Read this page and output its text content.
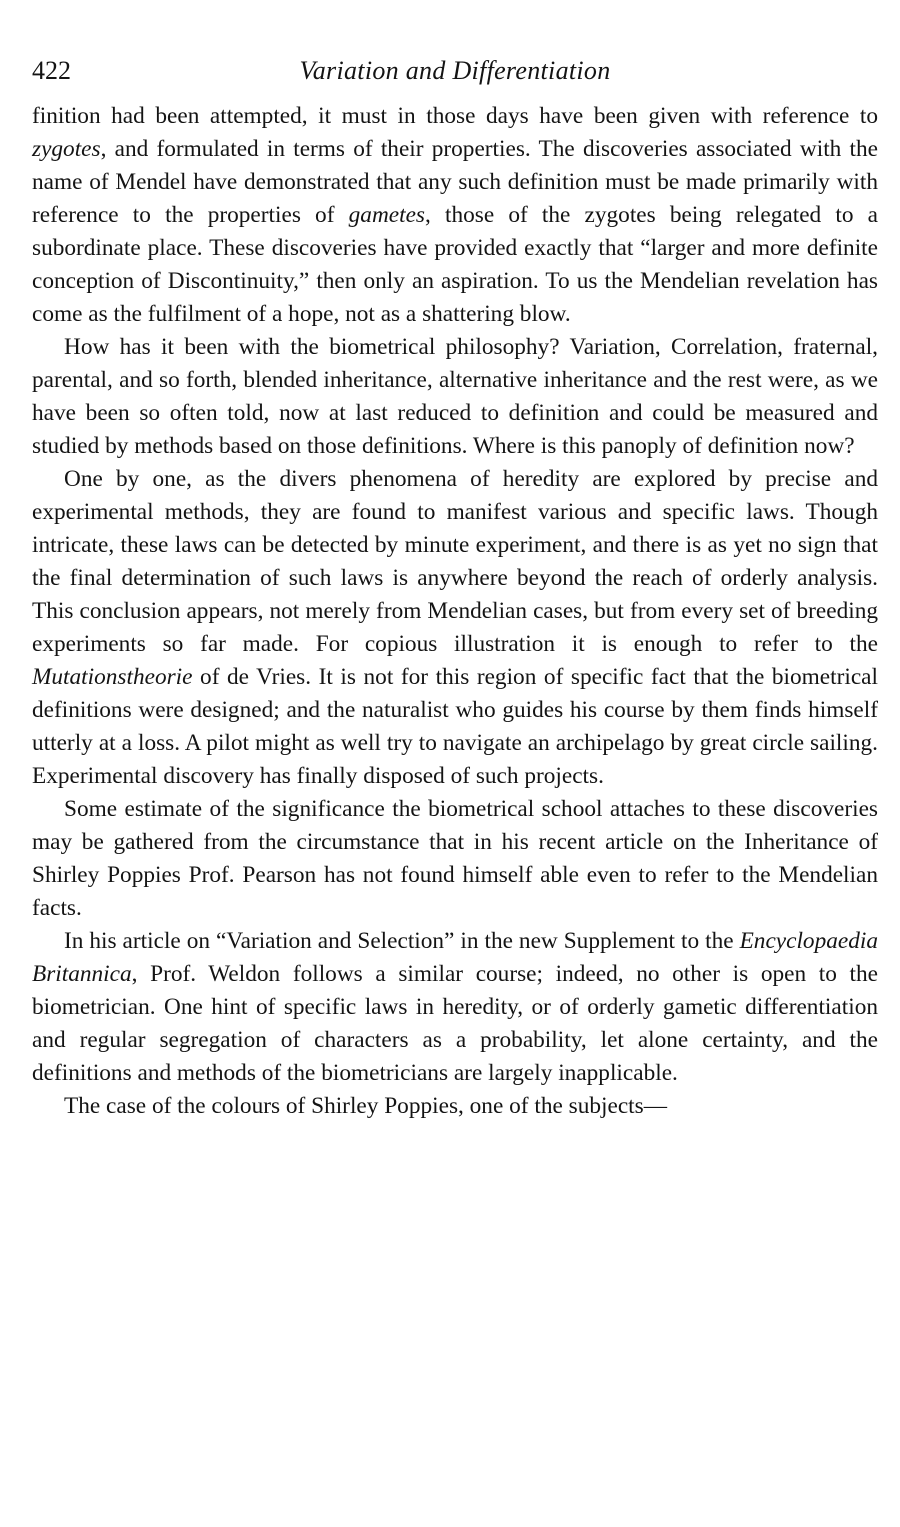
422	Variation and Differentiation

finition had been attempted, it must in those days have been given with reference to zygotes, and formulated in terms of their properties. The discoveries associated with the name of Mendel have demonstrated that any such definition must be made primarily with reference to the properties of gametes, those of the zygotes being relegated to a subordinate place. These discoveries have provided exactly that “larger and more definite conception of Discontinuity,” then only an aspiration. To us the Mendelian revelation has come as the fulfilment of a hope, not as a shattering blow.

How has it been with the biometrical philosophy? Variation, Correlation, fraternal, parental, and so forth, blended inheritance, alternative inheritance and the rest were, as we have been so often told, now at last reduced to definition and could be measured and studied by methods based on those definitions. Where is this panoply of definition now?

One by one, as the divers phenomena of heredity are explored by precise and experimental methods, they are found to manifest various and specific laws. Though intricate, these laws can be detected by minute experiment, and there is as yet no sign that the final determination of such laws is anywhere beyond the reach of orderly analysis. This conclusion appears, not merely from Mendelian cases, but from every set of breeding experiments so far made. For copious illustration it is enough to refer to the Mutationstheorie of de Vries. It is not for this region of specific fact that the biometrical definitions were designed; and the naturalist who guides his course by them finds himself utterly at a loss. A pilot might as well try to navigate an archipelago by great circle sailing. Experimental discovery has finally disposed of such projects.

Some estimate of the significance the biometrical school attaches to these discoveries may be gathered from the circumstance that in his recent article on the Inheritance of Shirley Poppies Prof. Pearson has not found himself able even to refer to the Mendelian facts.

In his article on “Variation and Selection” in the new Supplement to the Encyclopaedia Britannica, Prof. Weldon follows a similar course; indeed, no other is open to the biometrician. One hint of specific laws in heredity, or of orderly gametic differentiation and regular segregation of characters as a probability, let alone certainty, and the definitions and methods of the biometricians are largely inapplicable.

The case of the colours of Shirley Poppies, one of the subjects—
